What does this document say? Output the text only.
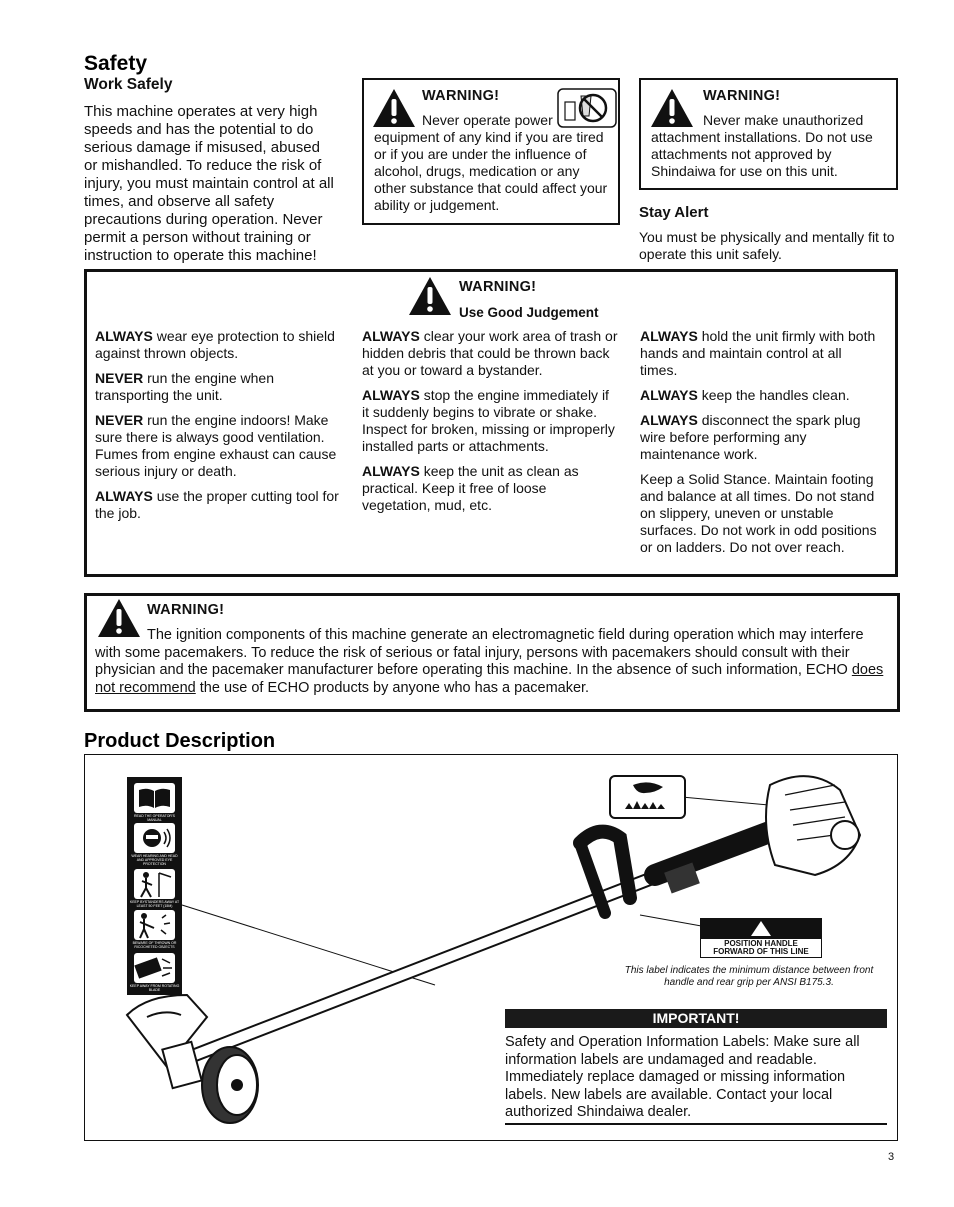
Safety
Work Safely

This machine operates at very high speeds and has the potential to do serious damage if misused, abused or mishandled. To reduce the risk of injury, you must maintain control at all times, and observe all safety precautions during operation. Never permit a person without training or instruction to operate this machine!

WARNING!

Never operate power equipment of any kind if you are tired or if you are under the influence of alcohol, drugs, medication or any other substance that could affect your ability or judgement.

WARNING!

Never make unauthorized attachment installations. Do not use attachments not approved by Shindaiwa for use on this unit.

Stay Alert

You must be physically and mentally fit to operate this unit safely.

WARNING!
Use Good Judgement

ALWAYS wear eye protection to shield against thrown objects.

NEVER run the engine when transporting the unit.

NEVER run the engine indoors! Make sure there is always good ventilation. Fumes from engine exhaust can cause serious injury or death.

ALWAYS use the proper cutting tool for the job.

ALWAYS clear your work area of trash or hidden debris that could be thrown back at you or toward a bystander.

ALWAYS stop the engine immediately if it suddenly begins to vibrate or shake. Inspect for broken, missing or improperly installed parts or attachments.

ALWAYS keep the unit as clean as practical. Keep it free of loose vegetation, mud, etc.

ALWAYS hold the unit firmly with both hands and maintain control at all times.

ALWAYS keep the handles clean.

ALWAYS disconnect the spark plug wire before performing any maintenance work.

Keep a Solid Stance. Maintain footing and balance at all times. Do not stand on slippery, uneven or unstable surfaces. Do not work in odd positions or on ladders. Do not over reach.

WARNING!

The ignition components of this machine generate an electromagnetic field during operation which may interfere with some pacemakers. To reduce the risk of serious or fatal injury, persons with pacemakers should consult with their physician and the pacemaker manufacturer before operating this machine. In the absence of such information, ECHO does not recommend the use of ECHO products by anyone who has a pacemaker.

Product Description
READ THE OPERATOR'S MANUAL
WEAR HEARING AND HEAD AND APPROVED EYE PROTECTION
KEEP BYSTANDERS AWAY AT LEAST 50 FEET (15M)
BEWARE OF THROWN OR RICOCHETED OBJECTS
KEEP AWAY FROM ROTATING BLADE
POSITION HANDLE
FORWARD OF THIS LINE

This label indicates the minimum distance between front handle and rear grip per ANSI B175.3.

IMPORTANT!

Safety and Operation Information Labels: Make sure all information labels are undamaged and readable. Immediately replace damaged or missing information labels. New labels are available. Contact your local authorized Shindaiwa dealer.

3
